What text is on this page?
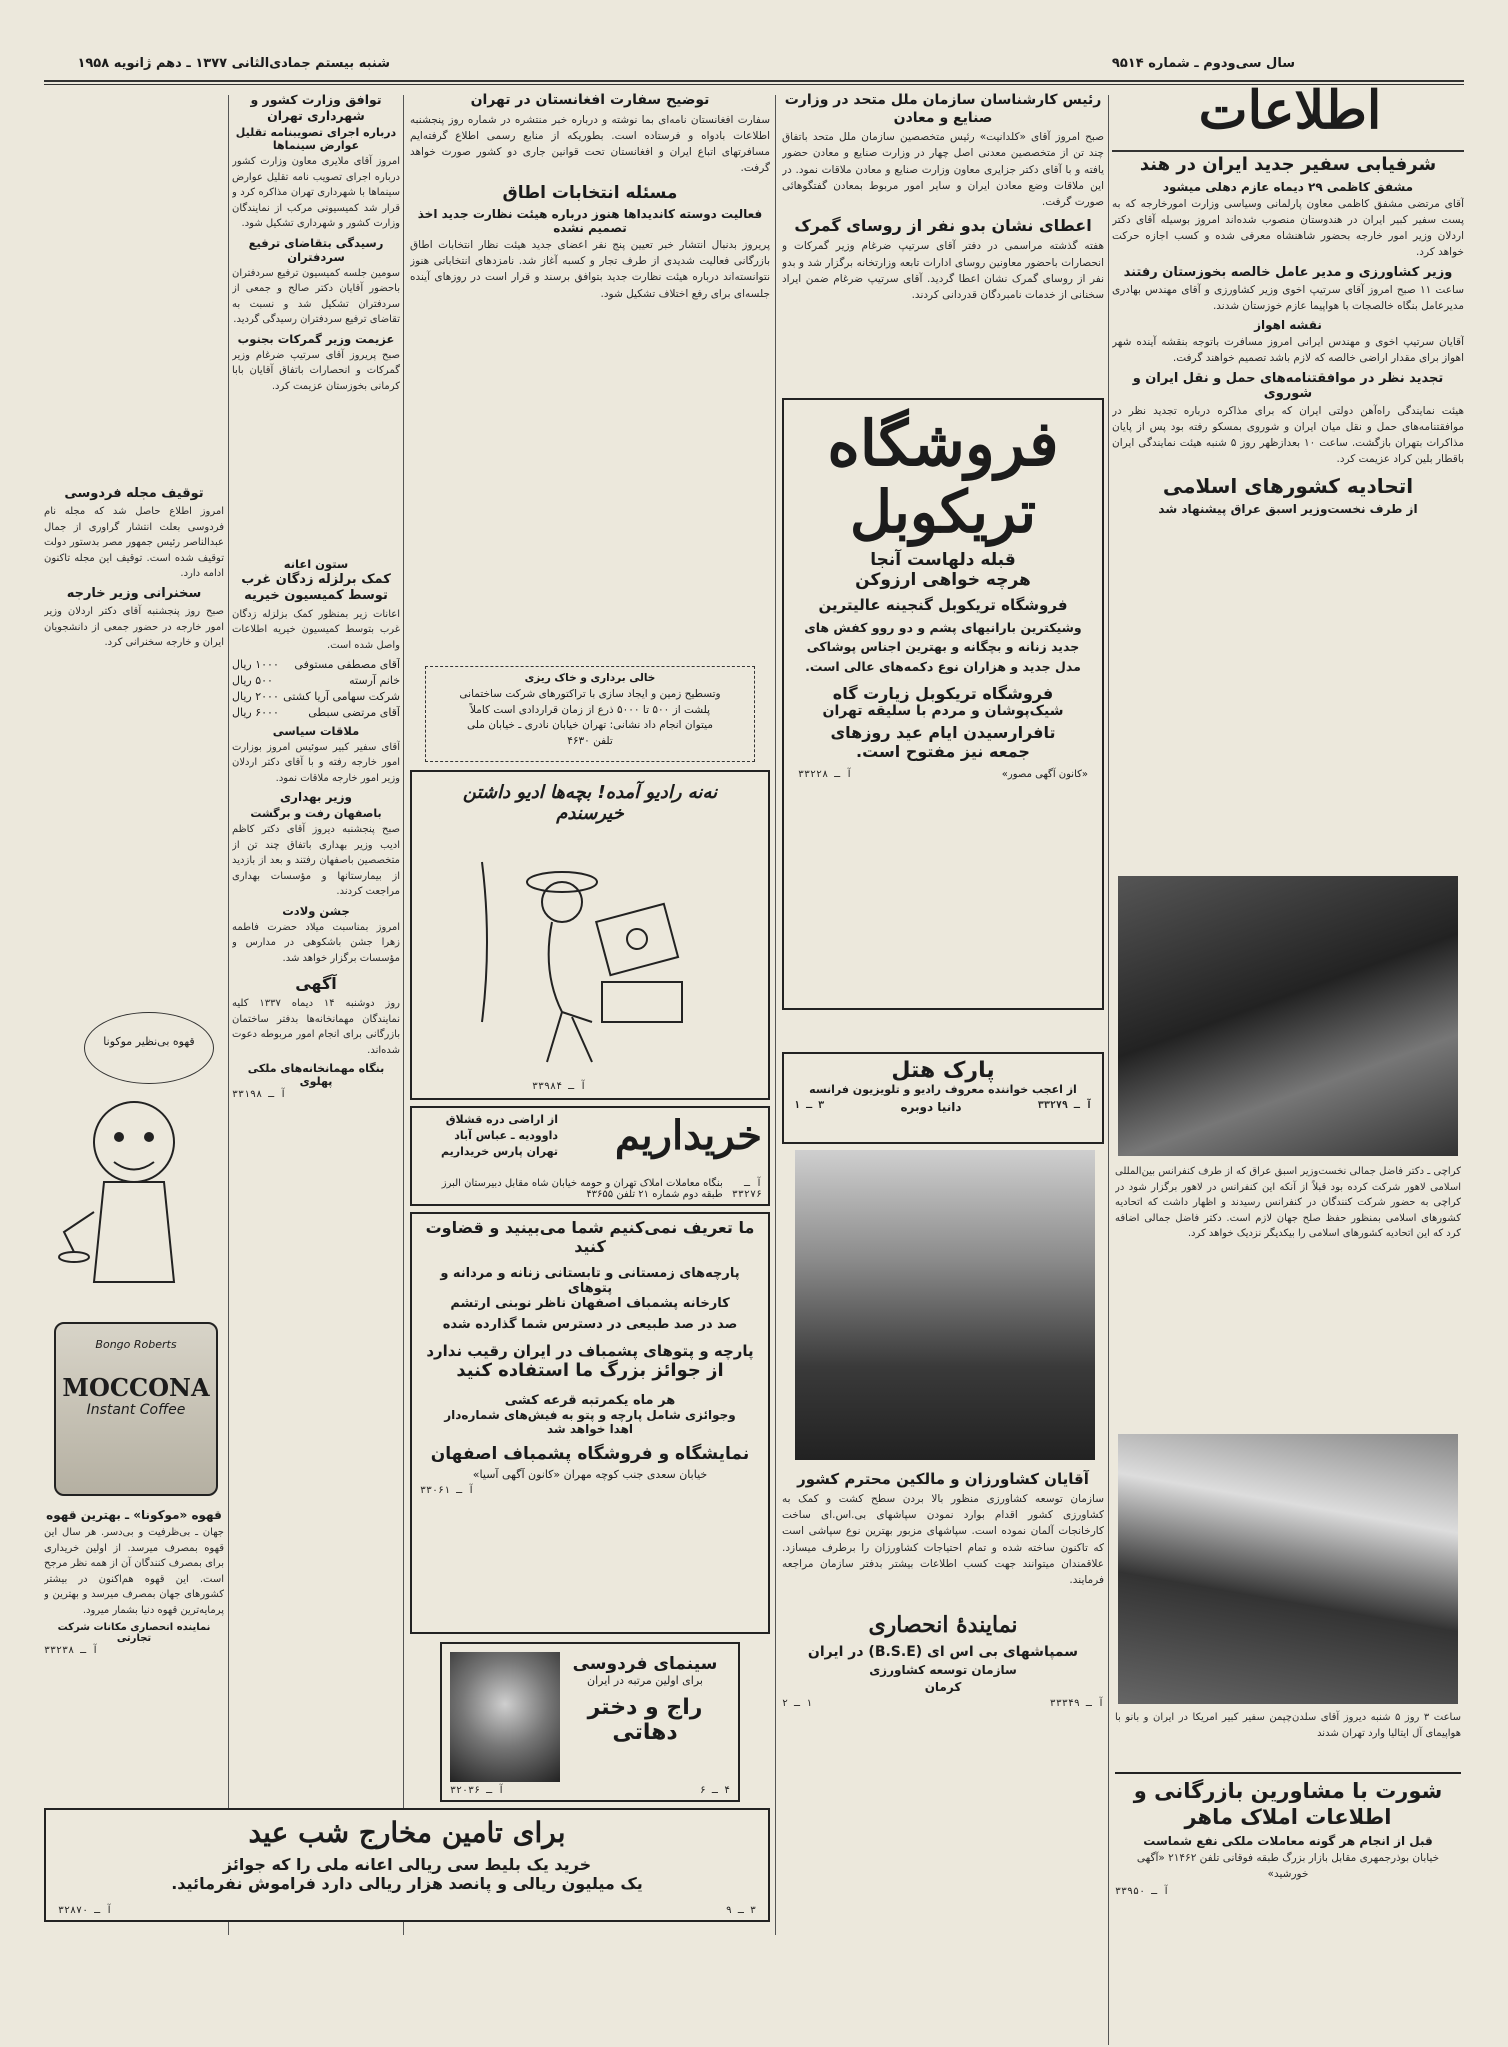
سال سی‌ودوم ـ شماره ۹۵۱۴
شنبه بیستم جمادی‌الثانی ۱۳۷۷ ـ دهم ژانویه ۱۹۵۸
اطلاعات

شرفیابی سفیر جدید ایران در هند

مشفق کاظمی ۲۹ دیماه عازم دهلی میشود

آقای مرتضی مشفق کاظمی معاون پارلمانی وسیاسی وزارت امورخارجه که به پست سفیر کبیر ایران در هندوستان منصوب شده‌اند امروز بوسیله آقای دکتر اردلان وزیر امور خارجه بحضور شاهنشاه معرفی شده و کسب اجازه حرکت خواهد کرد.

وزیر کشاورزی و مدیر عامل خالصه بخوزستان رفتند

ساعت ۱۱ صبح امروز آقای سرتیپ اخوی وزیر کشاورزی و آقای مهندس بهادری مدیرعامل بنگاه خالصجات با هواپیما عازم خوزستان شدند.

نقشه اهواز

آقایان سرتیپ اخوی و مهندس ایرانی امروز مسافرت باتوجه بنقشه آینده شهر اهواز برای مقدار اراضی خالصه که لازم باشد تصمیم خواهند گرفت.

تجدید نظر در موافقتنامه‌های حمل و نقل ایران و شوروی

هیئت نمایندگی راه‌آهن دولتی ایران که برای مذاکره درباره تجدید نظر در موافقتنامه‌های حمل و نقل میان ایران و شوروی بمسکو رفته بود پس از پایان مذاکرات بتهران بازگشت. ساعت ۱۰ بعدازظهر روز ۵ شنبه هیئت نمایندگی ایران باقطار بلین کراد عزیمت کرد.

اتحادیه کشورهای اسلامی

از طرف نخست‌وزیر اسبق عراق پیشنهاد شد

کراچی ـ دکتر فاضل جمالی نخست‌وزیر اسبق عراق که از طرف کنفرانس بین‌المللی اسلامی لاهور شرکت کرده بود قبلاً از آنکه این کنفرانس در لاهور برگزار شود در کراچی به حضور شرکت کنندگان در کنفرانس رسیدند و اظهار داشت که اتحادیه کشورهای اسلامی بمنظور حفظ صلح جهان لازم است. دکتر فاضل جمالی اضافه کرد که این اتحادیه کشورهای اسلامی را بیکدیگر نزدیک خواهد کرد.

ساعت ۳ روز ۵ شنبه دیروز آقای سلدن‌چپمن سفیر کبیر امریکا در ایران و بانو با هواپیمای آل ایتالیا وارد تهران شدند

شورت با مشاورین بازرگانی و اطلاعات املاک ماهر

قبل از انجام هر گونه معاملات ملکی نفع شماست

خیابان بوذرجمهری مقابل بازار بزرگ طبقه فوقانی تلفن ۲۱۴۶۲ «آگهی خورشید»

آ ـ ۳۳۹۵۰

رئیس کارشناسان سازمان ملل متحد در وزارت صنایع و معادن

صبح امروز آقای «کلدانیت» رئیس متخصصین سازمان ملل متحد باتفاق چند تن از متخصصین معدنی اصل چهار در وزارت صنایع و معادن حضور یافته و با آقای دکتر جزایری معاون وزارت صنایع و معادن ملاقات نمود. در این ملاقات وضع معادن ایران و سایر امور مربوط بمعادن گفتگوهائی صورت گرفت.

اعطای نشان بدو نفر از روسای گمرک

هفته گذشته مراسمی در دفتر آقای سرتیپ ضرغام وزیر گمرکات و انحصارات باحضور معاونین روسای ادارات تابعه وزارتخانه برگزار شد و بدو نفر از روسای گمرک نشان اعطا گردید. آقای سرتیپ ضرغام ضمن ایراد سخنانی از خدمات نامبردگان قدردانی کردند.

فروشگاه
تریکوبل
قبله دلهاست آنجا
هرچه خواهی ارزوکن
فروشگاه تریکوبل گنجینه عالیترین
وشیکترین بارانیهای پشم و دو روو کفش های جدید زنانه و بچگانه و بهترین اجناس پوشاکی مدل جدید و هزاران نوع دکمه‌های عالی است.
فروشگاه تریکوبل زیارت گاه
شیک‌پوشان و مردم با سلیقه تهران
تافرارسیدن ایام عید روزهای
جمعه نیز مفتوح است.
«کانون آگهی مصور»
آ ـ ۳۳۲۲۸
پارک هتل
از اعجب خواننده معروف رادیو و تلویزیون فرانسه
آ ـ ۳۳۲۷۹
دانیا دوبره
۳ ـ ۱

آقایان کشاورزان و مالکین محترم کشور

سازمان توسعه کشاورزی منظور بالا بردن سطح کشت و کمک به کشاورزی کشور اقدام بوارد نمودن سپاشهای بی.اس.ای ساخت کارخانجات آلمان نموده است. سپاشهای مزبور بهترین نوع سپاشی است که تاکنون ساخته شده و تمام احتیاجات کشاورزان را برطرف میسازد. علاقمندان میتوانند جهت کسب اطلاعات بیشتر بدفتر سازمان مراجعه فرمایند.

نمایندهٔ انحصاری

سمپاشهای بی اس ای (B.S.E) در ایران

سازمان توسعه کشاورزی

کرمان

آ ـ ۳۳۳۴۹
۱ ـ ۲

توضیح سفارت افغانستان در تهران

سفارت افغانستان نامه‌ای بما نوشته و درباره خبر منتشره در شماره روز پنجشنبه اطلاعات بادواه و فرستاده است. بطوریکه از منابع رسمی اطلاع گرفته‌ایم مسافرتهای اتباع ایران و افغانستان تحت قوانین جاری دو کشور صورت خواهد گرفت.

مسئله انتخابات اطاق

فعالیت دوسته کاندیداها هنوز درباره هیئت نظارت جدید اخذ تصمیم نشده

پریروز بدنبال انتشار خبر تعیین پنج نفر اعضای جدید هیئت نظار انتخابات اطاق بازرگانی فعالیت شدیدی از طرف تجار و کسبه آغاز شد. نامزدهای انتخاباتی هنوز نتوانسته‌اند درباره هیئت نظارت جدید بتوافق برسند و قرار است در روزهای آینده جلسه‌ای برای رفع اختلاف تشکیل شود.

خالی برداری و خاک ریزی
وتسطیح زمین و ایجاد سازی با تراکتورهای شرکت ساختمانی
پلشت از ۵۰۰ تا ۵۰۰۰ ذرع از زمان قراردادی است کاملاً
میتوان انجام داد نشانی: تهران خیابان نادری ـ خیابان ملی
تلفن ۴۶۳۰
نه‌نه رادیو آمده! بچه‌ها ادیو داشتن خیرسندم
آ ـ ۳۳۹۸۴
خریداریم
از اراضی دره قشلاق
داوودیه ـ عباس آباد
تهران پارس خریداریم
آ ـ ۳۳۲۷۶
بنگاه معاملات املاک تهران و حومه خیابان شاه مقابل دبیرستان البرز طبقه دوم شماره ۲۱ تلفن ۴۳۶۵۵
ما تعریف نمی‌کنیم شما می‌بینید و قضاوت کنید
پارچه‌های زمستانی و تابستانی زنانه و مردانه و پتوهای
کارخانه پشمباف اصفهان ناظر نوبنی ارتشم
صد در صد طبیعی در دسترس شما گذارده شده
پارچه و پتوهای پشمباف در ایران رقیب ندارد
از جوائز بزرگ ما استفاده کنید
هر ماه یکمرتبه قرعه کشی
وجوائزی شامل پارچه و پتو به فیش‌های شماره‌دار
اهدا خواهد شد
نمایشگاه و فروشگاه پشمباف اصفهان
خیابان سعدی جنب کوچه مهران «کانون آگهی آسیا»
آ ـ ۳۳۰۶۱
سینمای فردوسی
برای اولین مرتبه در ایران
راج و دختر دهاتی
۴ ـ ۶
آ ـ ۳۲۰۳۶

توافق وزارت کشور و شهرداری تهران

درباره اجرای تصویبنامه تقلیل عوارض سینماها

امروز آقای ملایری معاون وزارت کشور درباره اجرای تصویب نامه تقلیل عوارض سینماها با شهرداری تهران مذاکره کرد و قرار شد کمیسیونی مرکب از نمایندگان وزارت کشور و شهرداری تشکیل شود.

رسیدگی بتقاضای ترفیع سردفتران

سومین جلسه کمیسیون ترفیع سردفتران باحضور آقایان دکتر صالح و جمعی از سردفتران تشکیل شد و نسبت به تقاضای ترفیع سردفتران رسیدگی گردید.

عزیمت وزیر گمرکات بجنوب

صبح پریروز آقای سرتیپ ضرغام وزیر گمرکات و انحصارات باتفاق آقایان بابا کرمانی بخوزستان عزیمت کرد.

ستون اعانه

کمک برلزله زدگان غرب

توسط کمیسیون خیریه

اعانات زیر بمنظور کمک بزلزله زدگان غرب بتوسط کمیسیون خیریه اطلاعات واصل شده است.

آقای مصطفی مستوفی
۱۰۰۰ ریال
خانم آرسته
۵۰۰ ریال
شرکت سهامی آریا کشتی
۲۰۰۰ ریال
آقای مرتضی سبطی
۶۰۰۰ ریال

ملاقات سیاسی

آقای سفیر کبیر سوئیس امروز بوزارت امور خارجه رفته و با آقای دکتر اردلان وزیر امور خارجه ملاقات نمود.

وزیر بهداری

باصفهان رفت و برگشت

صبح پنجشنبه دیروز آقای دکتر کاظم ادیب وزیر بهداری باتفاق چند تن از متخصصین باصفهان رفتند و بعد از بازدید از بیمارستانها و مؤسسات بهداری مراجعت کردند.

جشن ولادت

امروز بمناسبت میلاد حضرت فاطمه زهرا جشن باشکوهی در مدارس و مؤسسات برگزار خواهد شد.

آگهی

روز دوشنبه ۱۴ دیماه ۱۳۳۷ کلیه نمایندگان مهمانخانه‌ها بدفتر ساختمان بازرگانی برای انجام امور مربوطه دعوت شده‌اند.

بنگاه مهمانخانه‌های ملکی پهلوی

آ ـ ۳۳۱۹۸

توقیف مجله فردوسی

امروز اطلاع حاصل شد که مجله نام فردوسی بعلت انتشار گراوری از جمال عبدالناصر رئیس جمهور مصر بدستور دولت توقیف شده است. توقیف این مجله تاکنون ادامه دارد.

سخنرانی وزیر خارجه

صبح روز پنجشنبه آقای دکتر اردلان وزیر امور خارجه در حضور جمعی از دانشجویان ایران و خارجه سخنرانی کرد.

قهوه بی‌نظیر موکونا
Bongo Roberts
MOCCONA
Instant Coffee

قهوه «موکونا» ـ بهترین قهوه

جهان ـ بی‌ظرفیت و بی‌دسر. هر سال این قهوه بمصرف میرسد. از اولین خریداری برای بمصرف کنندگان آن از همه نظر مرجح است. این قهوه هم‌اکنون در بیشتر کشورهای جهان بمصرف میرسد و بهترین و پرمایه‌ترین قهوه دنیا بشمار میرود.

نماینده انحصاری مکانات شرکت تجارتی

آ ـ ۳۳۲۳۸

برای تامین مخارج شب عید
خرید یک بلیط سی ریالی اعانه ملی را که جوائز
یک میلیون ریالی و پانصد هزار ریالی دارد فراموش نفرمائید.
۳ ـ ۹
آ ـ ۳۲۸۷۰
